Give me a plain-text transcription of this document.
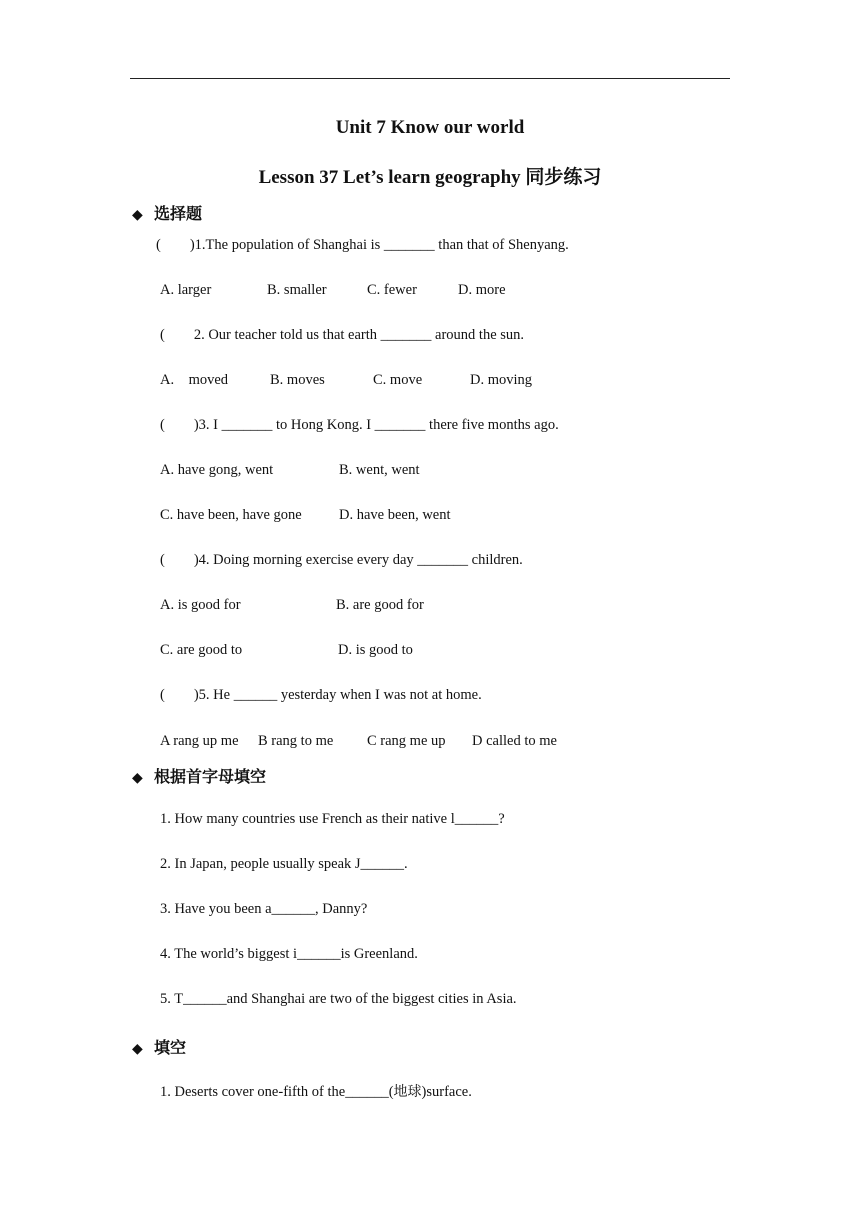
Unit 7 Know our world
Lesson 37 Let’s learn geography 同步练习
◆ 选择题
(        )1.The population of Shanghai is _______ than that of Shenyang.
A. larger	B. smaller	C. fewer	D. more
(        2. Our teacher told us that earth _______ around the sun.
A.    moved	B. moves	C. move	D. moving
(        )3. I _______ to Hong Kong. I _______ there five months ago.
A. have gong, went	B. went, went
C. have been, have gone	D. have been, went
(        )4. Doing morning exercise every day _______ children.
A. is good for	B. are good for
C. are good to	D. is good to
(        )5. He ______ yesterday when I was not at home.
A rang up me B rang to me C rang me up D called to me
◆ 根据首字母填空
1. How many countries use French as their native l______?
2. In Japan, people usually speak J______.
3. Have you been a______, Danny?
4. The world’s biggest i______is Greenland.
5. T______and Shanghai are two of the biggest cities in Asia.
◆ 填空
1. Deserts cover one-fifth of the______(地球)surface.
